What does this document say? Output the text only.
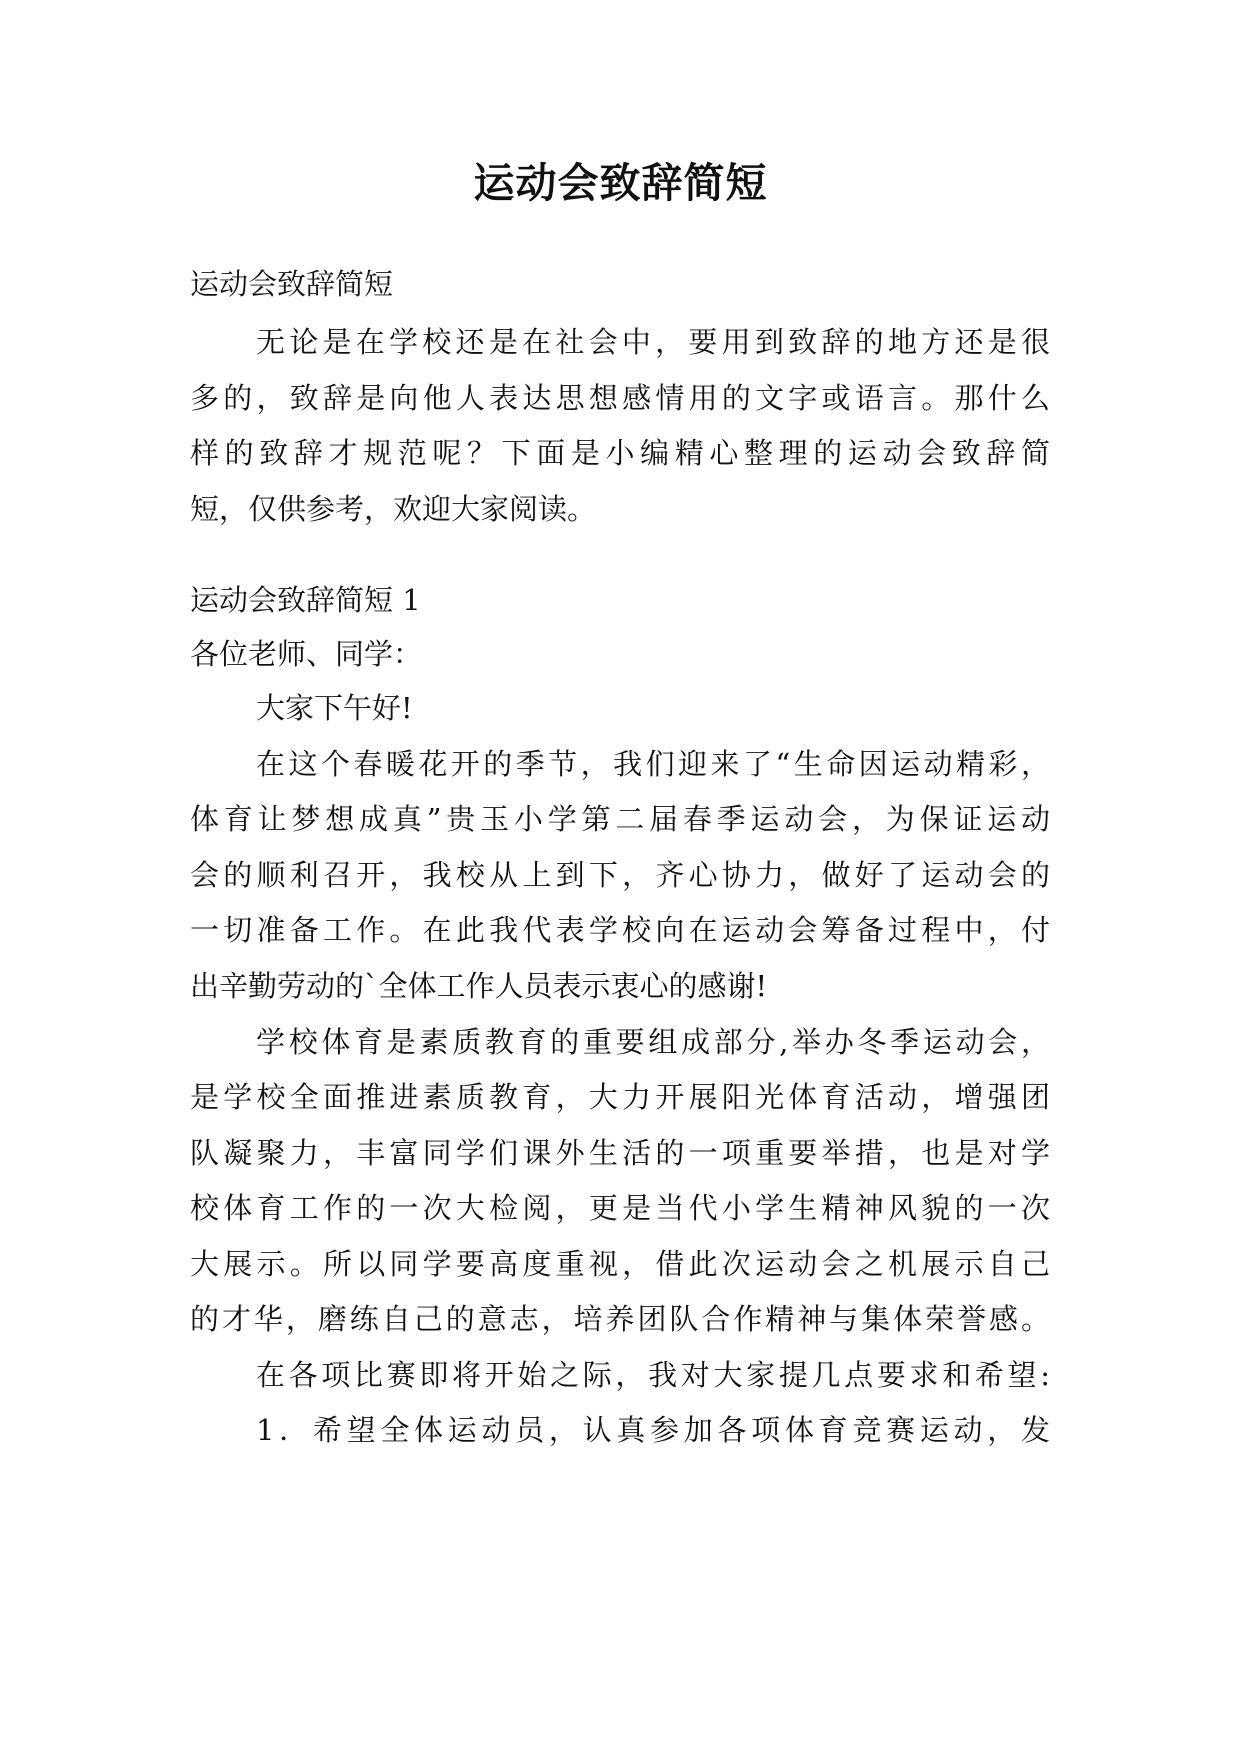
运动会致辞简短

运动会致辞简短

无论是在学校还是在社会中，要用到致辞的地方还是很

多的，致辞是向他人表达思想感情用的文字或语言。那什么

样的致辞才规范呢？下面是小编精心整理的运动会致辞简

短，仅供参考，欢迎大家阅读。

运动会致辞简短 1

各位老师、同学：

大家下午好!

在这个春暖花开的季节，我们迎来了“生命因运动精彩，

体育让梦想成真”贵玉小学第二届春季运动会，为保证运动

会的顺利召开，我校从上到下，齐心协力，做好了运动会的

一切准备工作。在此我代表学校向在运动会筹备过程中，付

出辛勤劳动的`全体工作人员表示衷心的感谢!

学校体育是素质教育的重要组成部分,举办冬季运动会，

是学校全面推进素质教育，大力开展阳光体育活动，增强团

队凝聚力，丰富同学们课外生活的一项重要举措，也是对学

校体育工作的一次大检阅，更是当代小学生精神风貌的一次

大展示。所以同学要高度重视，借此次运动会之机展示自己

的才华，磨练自己的意志，培养团队合作精神与集体荣誉感。

在各项比赛即将开始之际，我对大家提几点要求和希望:

1．希望全体运动员，认真参加各项体育竞赛运动，发
